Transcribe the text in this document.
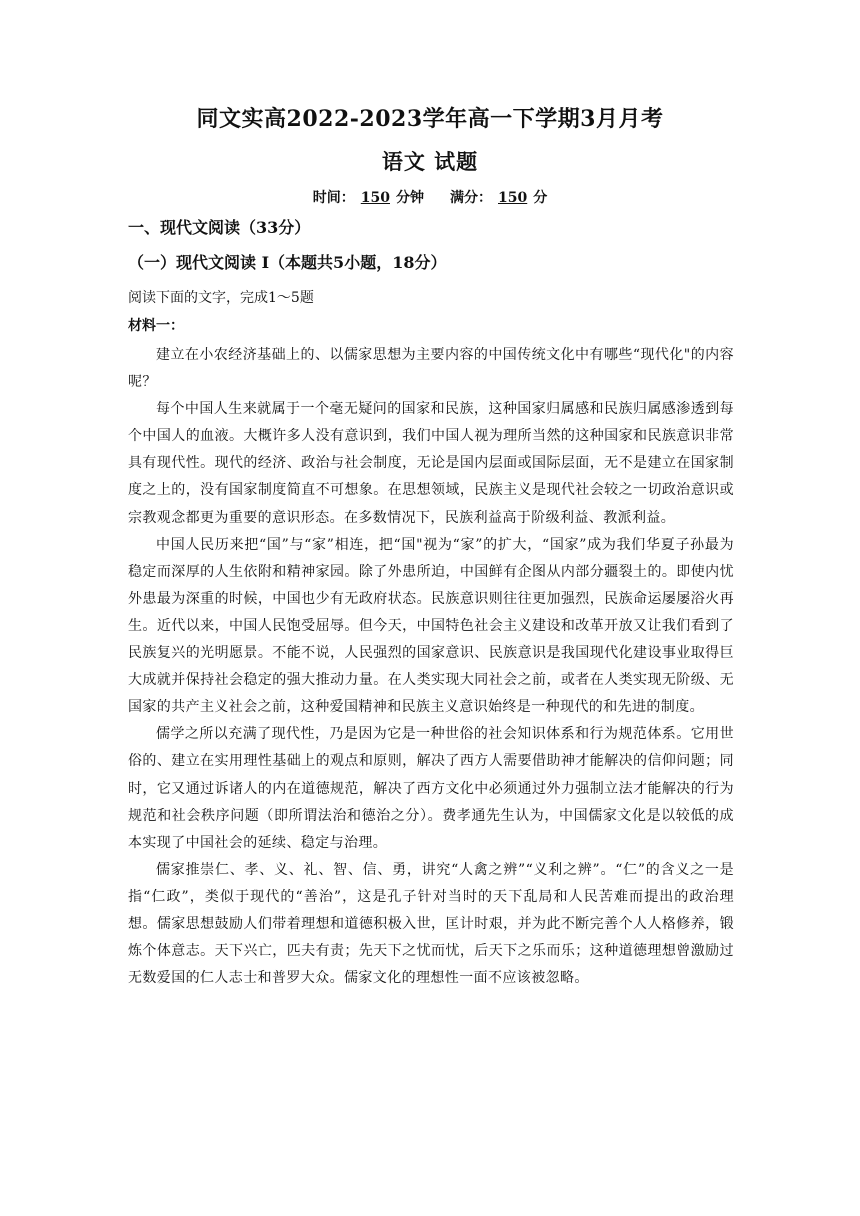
同文实高2022-2023学年高一下学期3月月考
语文 试题
时间： 150 分钟 满分： 150 分
一、现代文阅读（33分）
（一）现代文阅读 I（本题共5小题，18分）
阅读下面的文字，完成1～5题
材料一：

建立在小农经济基础上的、以儒家思想为主要内容的中国传统文化中有哪些“现代化"的内容呢？

每个中国人生来就属于一个毫无疑问的国家和民族，这种国家归属感和民族归属感渗透到每个中国人的血液。大概许多人没有意识到，我们中国人视为理所当然的这种国家和民族意识非常具有现代性。现代的经济、政治与社会制度，无论是国内层面或国际层面，无不是建立在国家制度之上的，没有国家制度简直不可想象。在思想领域，民族主义是现代社会较之一切政治意识或宗教观念都更为重要的意识形态。在多数情况下，民族利益高于阶级利益、教派利益。

中国人民历来把“国”与“家”相连，把“国"视为“家”的扩大，“国家”成为我们华夏子孙最为稳定而深厚的人生依附和精神家园。除了外患所迫，中国鲜有企图从内部分疆裂土的。即使内忧外患最为深重的时候，中国也少有无政府状态。民族意识则往往更加强烈，民族命运屡屡浴火再生。近代以来，中国人民饱受屈辱。但今天，中国特色社会主义建设和改革开放又让我们看到了民族复兴的光明愿景。不能不说，人民强烈的国家意识、民族意识是我国现代化建设事业取得巨大成就并保持社会稳定的强大推动力量。在人类实现大同社会之前，或者在人类实现无阶级、无国家的共产主义社会之前，这种爱国精神和民族主义意识始终是一种现代的和先进的制度。

儒学之所以充满了现代性，乃是因为它是一种世俗的社会知识体系和行为规范体系。它用世俗的、建立在实用理性基础上的观点和原则，解决了西方人需要借助神才能解决的信仰问题；同时，它又通过诉诸人的内在道德规范，解决了西方文化中必须通过外力强制立法才能解决的行为规范和社会秩序问题（即所谓法治和德治之分）。费孝通先生认为，中国儒家文化是以较低的成本实现了中国社会的延续、稳定与治理。

儒家推崇仁、孝、义、礼、智、信、勇，讲究“人禽之辨”“义利之辨”。“仁”的含义之一是指“仁政”，类似于现代的“善治”，这是孔子针对当时的天下乱局和人民苦难而提出的政治理想。儒家思想鼓励人们带着理想和道德积极入世，匡计时艰，并为此不断完善个人人格修养，锻炼个体意志。天下兴亡，匹夫有责；先天下之忧而忧，后天下之乐而乐；这种道德理想曾激励过无数爱国的仁人志士和普罗大众。儒家文化的理想性一面不应该被忽略。
